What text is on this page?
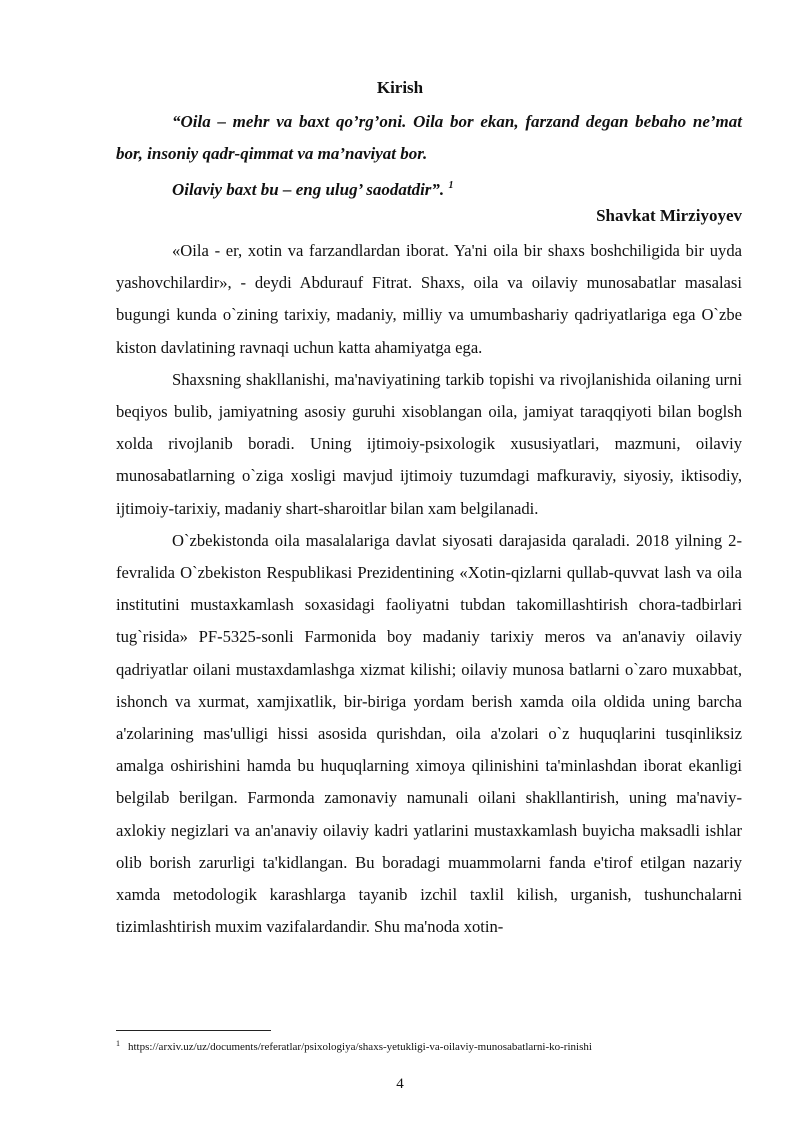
Kirish

“Oila – mehr va baxt qo’rg’oni. Oila bor ekan, farzand degan bebaho ne’mat bor, insoniy qadr-qimmat va ma’naviyat bor.

Oilaviy baxt bu – eng ulug’ saodatdir”. $^1$

Shavkat Mirziyoyev

«Oila - er, xotin va farzandlardan iborat. Ya'ni oila bir shaxs boshchiligida bir uyda yashovchilardir», - deydi Abdurauf Fitrat. Shaxs, oila va oilaviy munosabatlar masalasi bugungi kunda o`zining tarixiy, madaniy, milliy va umumbashariy qadriyatlariga ega O`zbe kiston davlatining ravnaqi uchun katta ahamiyatga ega.

Shaxsning shakllanishi, ma'naviyatining tarkib topishi va rivojlanishida oilaning urni beqiyos bulib, jamiyatning asosiy guruhi xisoblangan oila, jamiyat taraqqiyoti bilan boglsh xolda rivojlanib boradi. Uning ijtimoiy-psixologik xususiyatlari, mazmuni, oilaviy munosabatlarning o`ziga xosligi mavjud ijtimoiy tuzumdagi mafkuraviy, siyosiy, iktisodiy, ijtimoiy-tarixiy, madaniy shart-sharoitlar bilan xam belgilanadi.

O`zbekistonda oila masalalariga davlat siyosati darajasida qaraladi. 2018 yilning 2-fevralida O`zbekiston Respublikasi Prezidentining «Xotin-qizlarni qullab-quvvat lash va oila institutini mustaxkamlash soxasidagi faoliyatni tubdan takomillashtirish chora-tadbirlari tug`risida» PF-5325-sonli Farmonida boy madaniy tarixiy meros va an'anaviy oilaviy qadriyatlar oilani mustaxdamlashga xizmat kilishi; oilaviy munosa batlarni o`zaro muxabbat, ishonch va xurmat, xamjixatlik, bir-biriga yordam berish xamda oila oldida uning barcha a'zolarining mas'ulligi hissi asosida qurishdan, oila a'zolari o`z huquqlarini tusqinliksiz amalga oshirishini hamda bu huquqlarning ximoya qilinishini ta'minlashdan iborat ekanligi belgilab berilgan. Farmonda zamonaviy namunali oilani shakllantirish, uning ma'naviy-axlokiy negizlari va an'anaviy oilaviy kadri yatlarini mustaxkamlash buyicha maksadli ishlar olib borish zarurligi ta'kidlangan. Bu boradagi muammolarni fanda e'tirof etilgan nazariy xamda metodologik karashlarga tayanib izchil taxlil kilish, urganish, tushunchalarni tizimlashtirish muxim vazifalardandir. Shu ma'noda xotin-

$^1$ https://arxiv.uz/uz/documents/referatlar/psixologiya/shaxs-yetukligi-va-oilaviy-munosabatlarni-ko-rinishi
4
